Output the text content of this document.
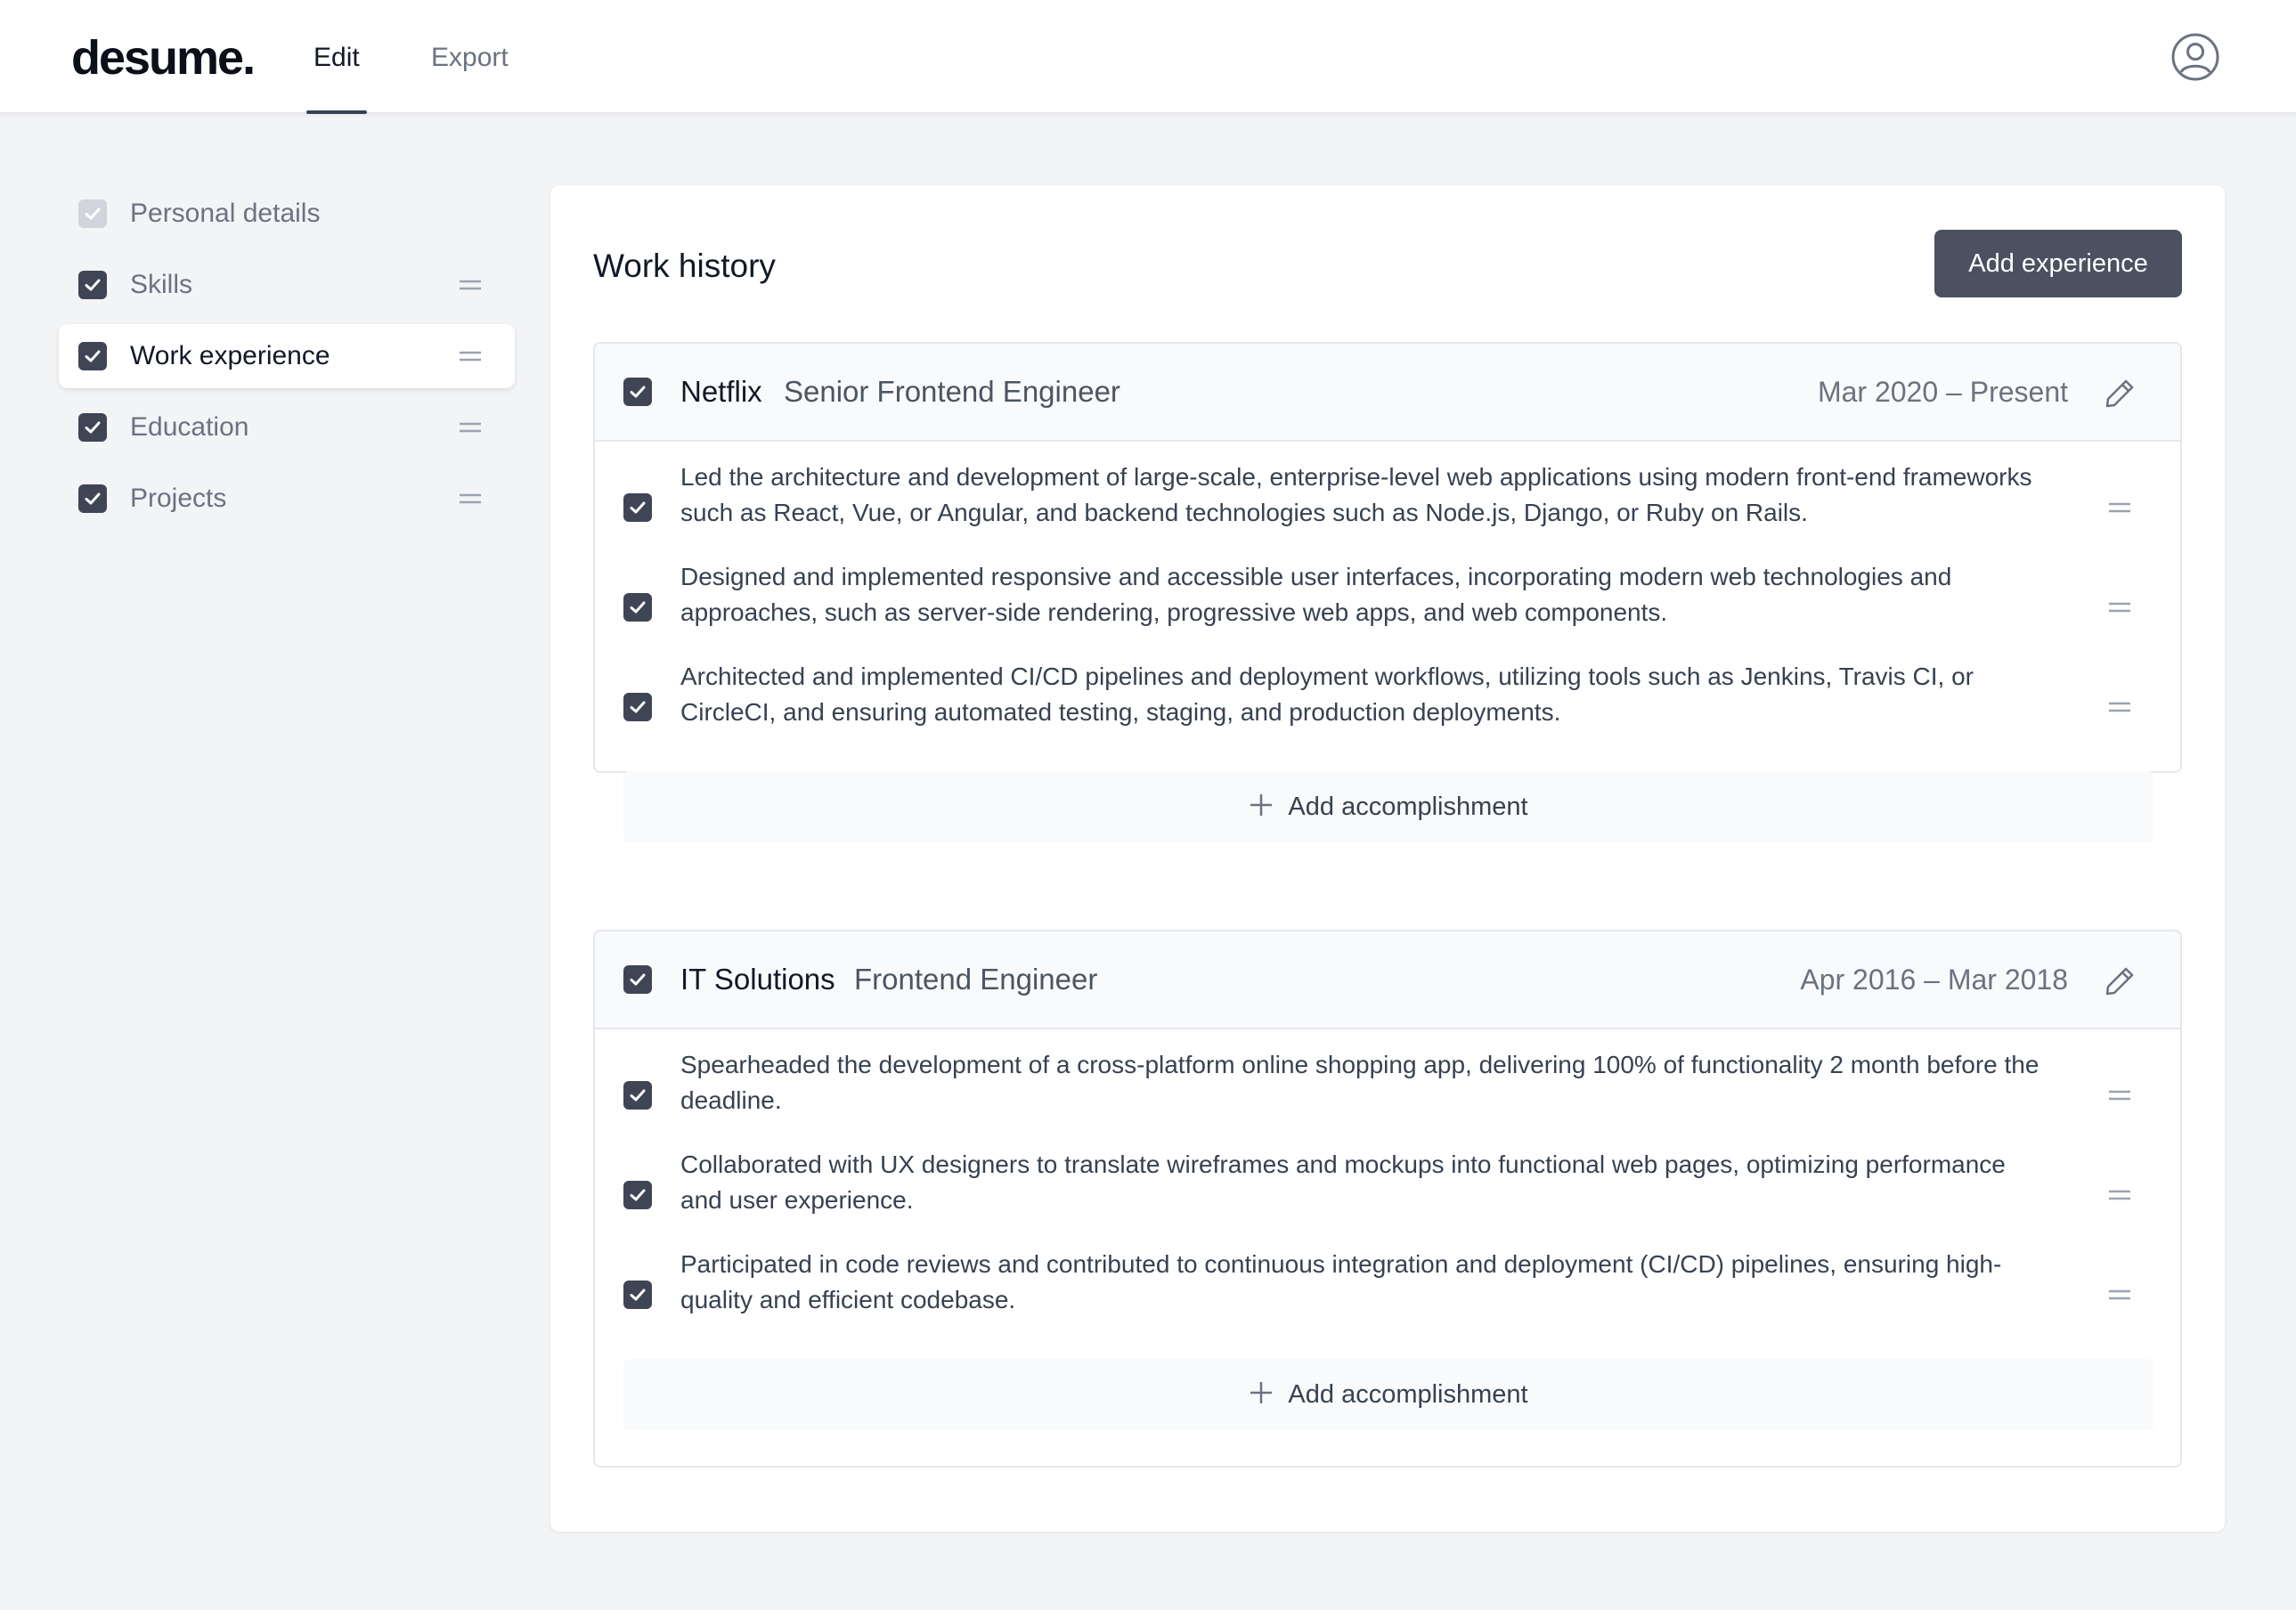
desume. Edit	Export
Personal details
Skills
Work experience
Education
Projects
Work history	Add experience
Netflix Senior Frontend Engineer	Mar 2020 – Present
Led the architecture and development of large-scale, enterprise-level web applications using modern front-end frameworks such as React, Vue, or Angular, and backend technologies such as Node.js, Django, or Ruby on Rails.
Designed and implemented responsive and accessible user interfaces, incorporating modern web technologies and approaches, such as server-side rendering, progressive web apps, and web components.
Architected and implemented CI/CD pipelines and deployment workflows, utilizing tools such as Jenkins, Travis CI, or CircleCI, and ensuring automated testing, staging, and production deployments.
Add accomplishment
IT Solutions Frontend Engineer	Apr 2016 – Mar 2018
Spearheaded the development of a cross-platform online shopping app, delivering 100% of functionality 2 month before the deadline.
Collaborated with UX designers to translate wireframes and mockups into functional web pages, optimizing performance and user experience.
Participated in code reviews and contributed to continuous integration and deployment (CI/CD) pipelines, ensuring high-quality and efficient codebase.
Add accomplishment
